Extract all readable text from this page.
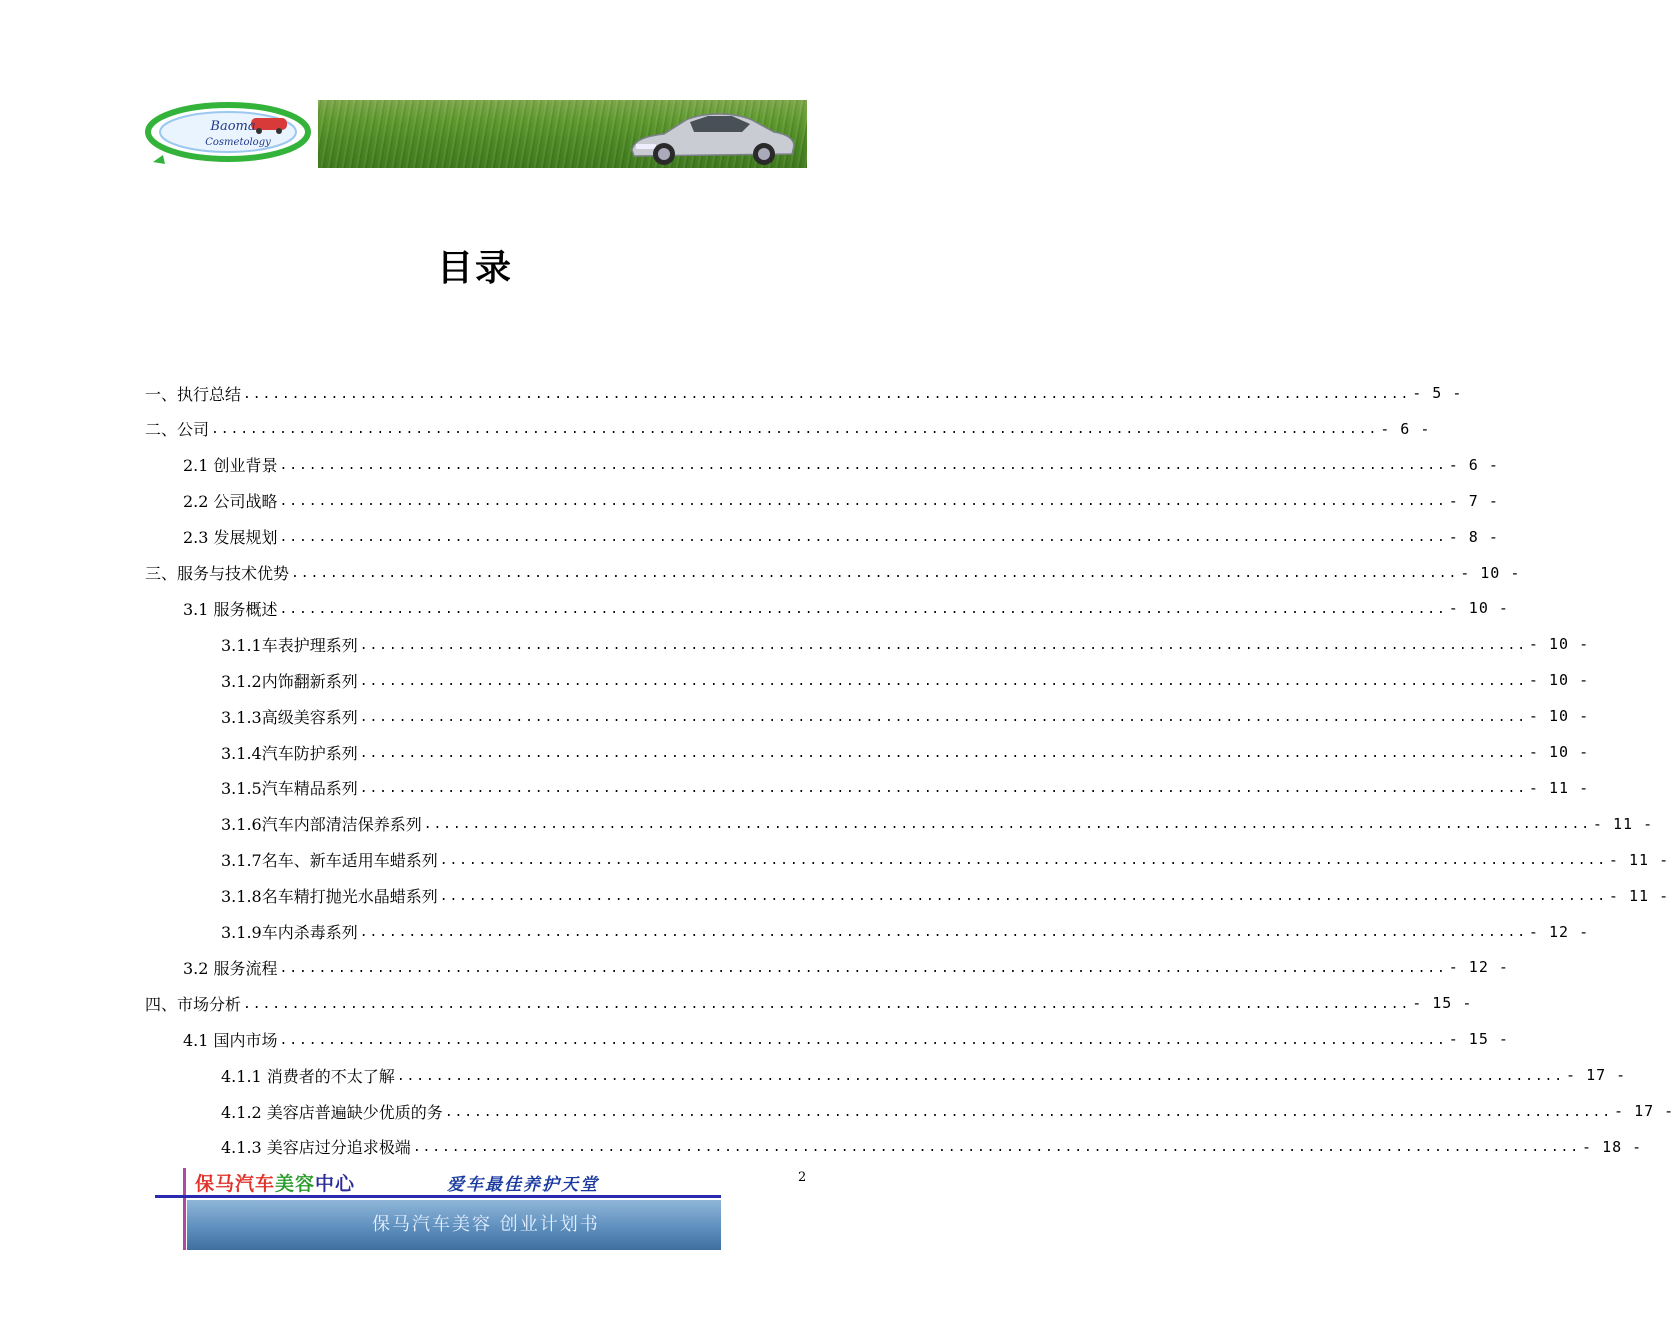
Baoma
Cosmetology
目录
一、执行总结 ........................................................................................................................ - 5 -
二、公司 ........................................................................................................................ - 6 -
2.1 创业背景 ........................................................................................................................ - 6 -
2.2 公司战略 ........................................................................................................................ - 7 -
2.3 发展规划 ........................................................................................................................ - 8 -
三、服务与技术优势 ........................................................................................................................ - 10 -
3.1 服务概述 ........................................................................................................................ - 10 -
3.1.1车表护理系列 ........................................................................................................................ - 10 -
3.1.2内饰翻新系列 ........................................................................................................................ - 10 -
3.1.3高级美容系列 ........................................................................................................................ - 10 -
3.1.4汽车防护系列 ........................................................................................................................ - 10 -
3.1.5汽车精品系列 ........................................................................................................................ - 11 -
3.1.6汽车内部清洁保养系列 ........................................................................................................................ - 11 -
3.1.7名车、新车适用车蜡系列 ........................................................................................................................ - 11 -
3.1.8名车精打抛光水晶蜡系列 ........................................................................................................................ - 11 -
3.1.9车内杀毒系列 ........................................................................................................................ - 12 -
3.2 服务流程 ........................................................................................................................ - 12 -
四、市场分析 ........................................................................................................................ - 15 -
4.1 国内市场 ........................................................................................................................ - 15 -
4.1.1 消费者的不太了解 ........................................................................................................................ - 17 -
4.1.2 美容店普遍缺少优质的务 ........................................................................................................................ - 17 -
4.1.3 美容店过分追求极端 ........................................................................................................................ - 18 -
2
保马汽车美容中心	爱车最佳养护天堂
保马汽车美容 创业计划书
